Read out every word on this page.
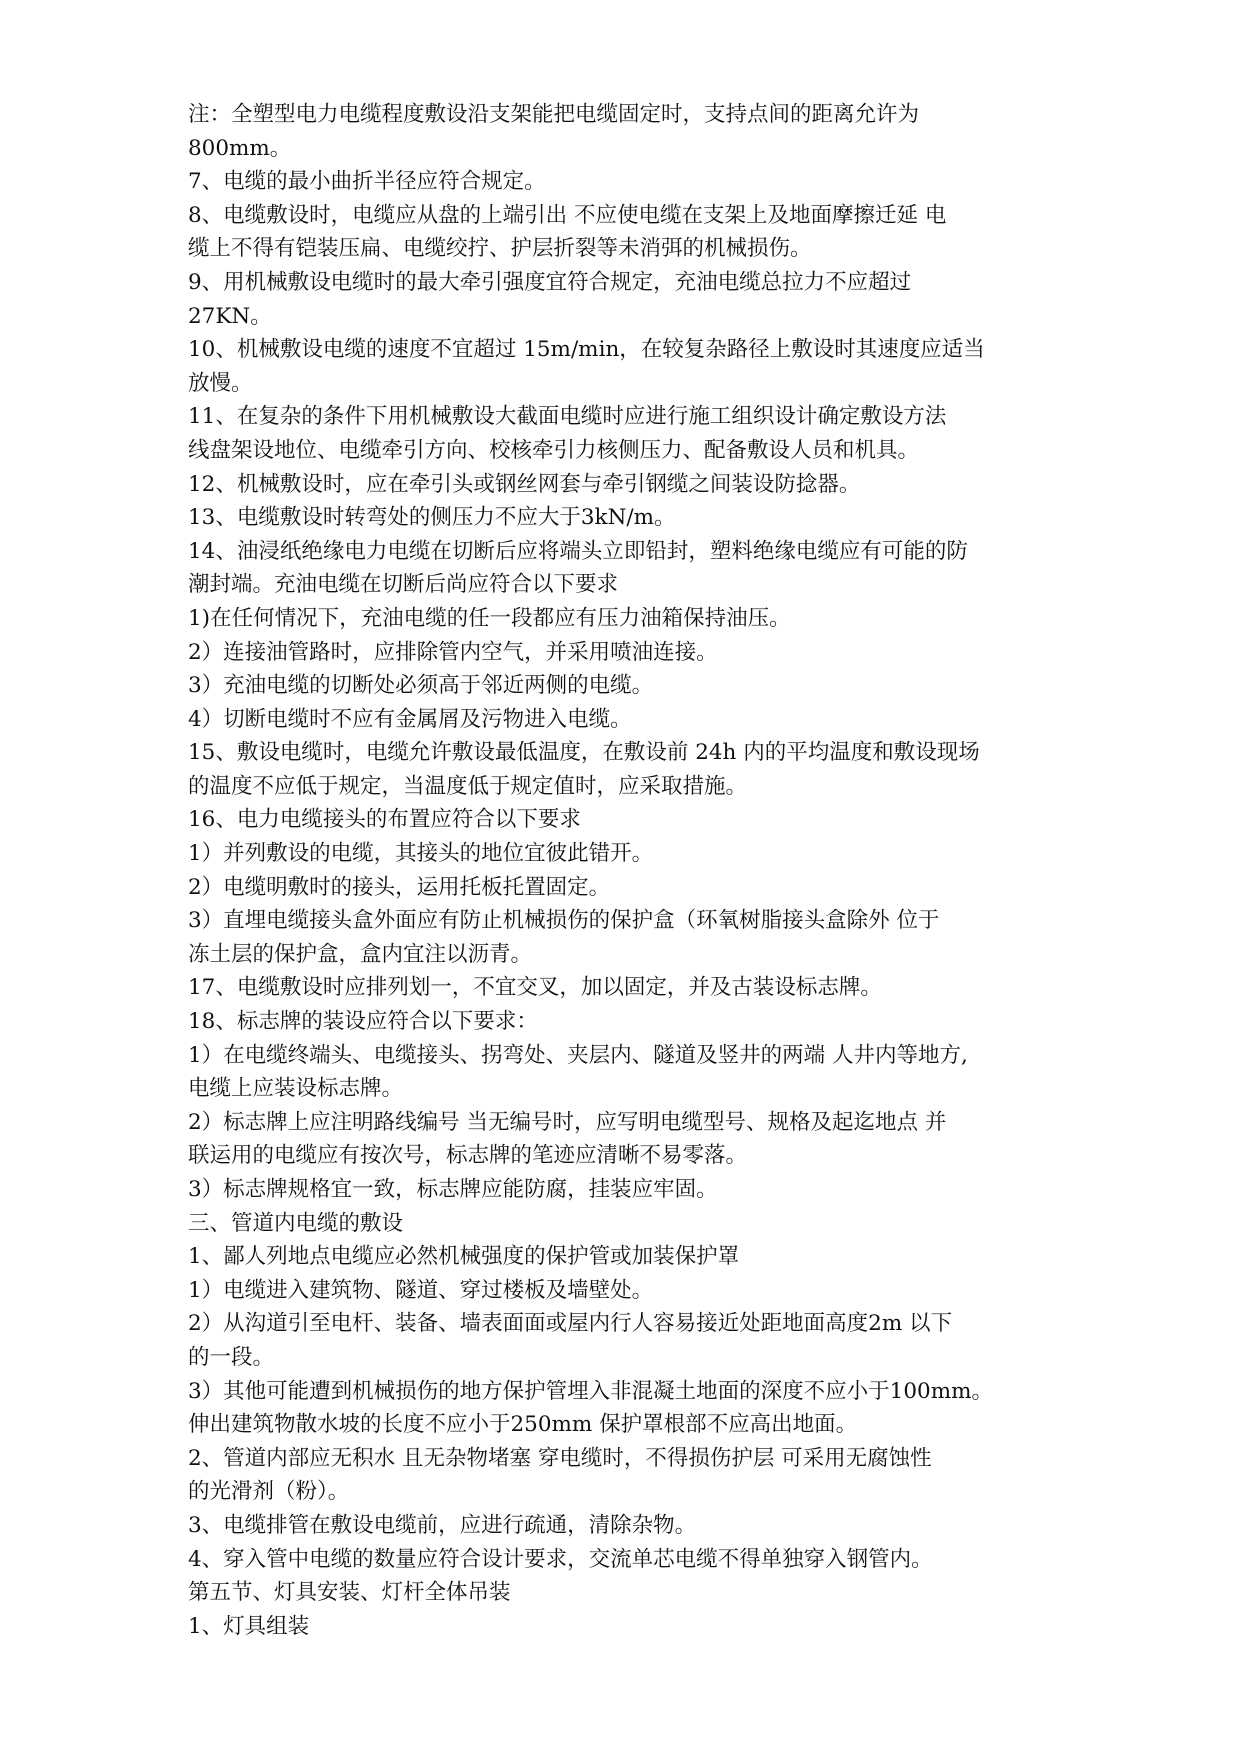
注：全塑型电力电缆程度敷设沿支架能把电缆固定时，支持点间的距离允许为
800mm。
7、电缆的最小曲折半径应符合规定。
8、电缆敷设时，电缆应从盘的上端引出 不应使电缆在支架上及地面摩擦迁延 电
缆上不得有铠装压扁、电缆绞拧、护层折裂等未消弭的机械损伤。
9、用机械敷设电缆时的最大牵引强度宜符合规定，充油电缆总拉力不应超过
27KN。
10、机械敷设电缆的速度不宜超过 15m/min，在较复杂路径上敷设时其速度应适当
放慢。
11、在复杂的条件下用机械敷设大截面电缆时应进行施工组织设计确定敷设方法
线盘架设地位、电缆牵引方向、校核牵引力核侧压力、配备敷设人员和机具。
12、机械敷设时，应在牵引头或钢丝网套与牵引钢缆之间装设防捻器。
13、电缆敷设时转弯处的侧压力不应大于3kN/m。
14、油浸纸绝缘电力电缆在切断后应将端头立即铅封，塑料绝缘电缆应有可能的防
潮封端。充油电缆在切断后尚应符合以下要求
1)在任何情况下，充油电缆的任一段都应有压力油箱保持油压。
2）连接油管路时，应排除管内空气，并采用喷油连接。
3）充油电缆的切断处必须高于邻近两侧的电缆。
4）切断电缆时不应有金属屑及污物进入电缆。
15、敷设电缆时，电缆允许敷设最低温度，在敷设前 24h 内的平均温度和敷设现场
的温度不应低于规定，当温度低于规定值时，应采取措施。
16、电力电缆接头的布置应符合以下要求
1）并列敷设的电缆，其接头的地位宜彼此错开。
2）电缆明敷时的接头，运用托板托置固定。
3）直埋电缆接头盒外面应有防止机械损伤的保护盒（环氧树脂接头盒除外 位于
冻土层的保护盒，盒内宜注以沥青。
17、电缆敷设时应排列划一，不宜交叉，加以固定，并及古装设标志牌。
18、标志牌的装设应符合以下要求：
1）在电缆终端头、电缆接头、拐弯处、夹层内、隧道及竖井的两端 人井内等地方,
电缆上应装设标志牌。
2）标志牌上应注明路线编号 当无编号时，应写明电缆型号、规格及起迄地点 并
联运用的电缆应有按次号，标志牌的笔迹应清晰不易零落。
3）标志牌规格宜一致，标志牌应能防腐，挂装应牢固。
三、管道内电缆的敷设
1、鄙人列地点电缆应必然机械强度的保护管或加装保护罩
1）电缆进入建筑物、隧道、穿过楼板及墙壁处。
2）从沟道引至电杆、装备、墙表面面或屋内行人容易接近处距地面高度2m 以下
的一段。
3）其他可能遭到机械损伤的地方保护管埋入非混凝土地面的深度不应小于100mm。
伸出建筑物散水坡的长度不应小于250mm 保护罩根部不应高出地面。
2、管道内部应无积水 且无杂物堵塞 穿电缆时，不得损伤护层 可采用无腐蚀性
的光滑剂（粉）。
3、电缆排管在敷设电缆前，应进行疏通，清除杂物。
4、穿入管中电缆的数量应符合设计要求，交流单芯电缆不得单独穿入钢管内。
第五节、灯具安装、灯杆全体吊装
1、灯具组装
